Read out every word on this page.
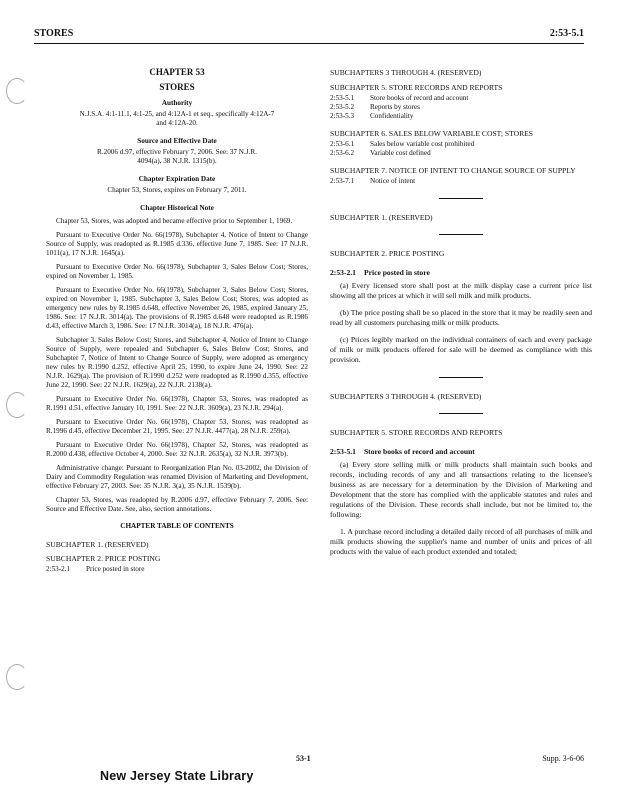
STORES	2:53-5.1
CHAPTER 53
STORES
Authority
N.J.S.A. 4:1-11.1, 4:1-25, and 4:12A-1 et seq., specifically 4:12A-7 and 4:12A-20.
Source and Effective Date
R.2006 d.97, effective February 7, 2006. See: 37 N.J.R. 4094(a), 38 N.J.R. 1315(b).
Chapter Expiration Date
Chapter 53, Stores, expires on February 7, 2011.
Chapter Historical Note

Chapter 53, Stores, was adopted and became effective prior to September 1, 1969.

Pursuant to Executive Order No. 66(1978), Subchapter 4, Notice of Intent to Change Source of Supply, was readopted as R.1985 d.336, effective June 7, 1985. See: 17 N.J.R. 1011(a), 17 N.J.R. 1645(a).

Pursuant to Executive Order No. 66(1978), Subchapter 3, Sales Below Cost; Stores, expired on November 1, 1985.

Pursuant to Executive Order No. 66(1978), Subchapter 3, Sales Below Cost; Stores, expired on November 1, 1985. Subchapter 3, Sales Below Cost; Stores, was adopted as emergency new rules by R.1985 d.648, effective November 26, 1985, expired January 25, 1986. See: 17 N.J.R. 3014(a). The provisions of R.1985 d.648 were readopted as R.1986 d.43, effective March 3, 1986. See: 17 N.J.R. 3014(a), 18 N.J.R. 476(a).

Subchapter 3, Sales Below Cost; Stores, and Subchapter 4, Notice of Intent to Change Source of Supply, were repealed and Subchapter 6, Sales Below Cost; Stores, and Subchapter 7, Notice of Intent to Change Source of Supply, were adopted as emergency new rules by R.1990 d.252, effective April 25, 1990, to expire June 24, 1990. See: 22 N.J.R. 1629(a). The provision of R.1990 d.252 were readopted as R.1990 d.355, effective June 22, 1990. See: 22 N.J.R. 1629(a), 22 N.J.R. 2138(a).

Pursuant to Executive Order No. 66(1978), Chapter 53, Stores, was readopted as R.1991 d.51, effective January 10, 1991. See: 22 N.J.R. 3609(a), 23 N.J.R. 294(a).

Pursuant to Executive Order No. 66(1978), Chapter 53, Stores, was readopted as R.1996 d.45, effective December 21, 1995. See: 27 N.J.R. 4477(a), 28 N.J.R. 259(a).

Pursuant to Executive Order No. 66(1978), Chapter 52, Stores, was readopted as R.2000 d.438, effective October 4, 2000. See: 32 N.J.R. 2635(a), 32 N.J.R. 3973(b).

Administrative change: Pursuant to Reorganization Plan No. 03-2002, the Division of Dairy and Commodity Regulation was renamed Division of Marketing and Development, effective February 27, 2003. See: 35 N.J.R. 3(a), 35 N.J.R. 1539(b).

Chapter 53, Stores, was readopted by R.2006 d.97, effective February 7, 2006. See: Source and Effective Date. See, also, section annotations.

CHAPTER TABLE OF CONTENTS
SUBCHAPTER 1. (RESERVED)
SUBCHAPTER 2. PRICE POSTING
2:53-2.1	Price posted in store
SUBCHAPTERS 3 THROUGH 4. (RESERVED)
SUBCHAPTER 5. STORE RECORDS AND REPORTS
2:53-5.1	Store books of record and account
2:53-5.2	Reports by stores
2:53-5.3	Confidentiality
SUBCHAPTER 6. SALES BELOW VARIABLE COST; STORES
2:53-6.1	Sales below variable cost prohibited
2:53-6.2	Variable cost defined
SUBCHAPTER 7. NOTICE OF INTENT TO CHANGE SOURCE OF SUPPLY
2:53-7.1	Notice of intent
SUBCHAPTER 1. (RESERVED)
SUBCHAPTER 2. PRICE POSTING
2:53-2.1 Price posted in store

(a) Every licensed store shall post at the milk display case a current price list showing all the prices at which it will sell milk and milk products.

(b) The price posting shall be so placed in the store that it may be readily seen and read by all customers purchasing milk or milk products.

(c) Prices legibly marked on the individual containers of each and every package of milk or milk products offered for sale will be deemed as compliance with this provision.

SUBCHAPTERS 3 THROUGH 4. (RESERVED)
SUBCHAPTER 5. STORE RECORDS AND REPORTS
2:53-5.1 Store books of record and account

(a) Every store selling milk or milk products shall maintain such books and records, including records of any and all transactions relating to the licensee's business as are necessary for a determination by the Division of Marketing and Development that the store has complied with the applicable statutes and rules and regulations of the Division. These records shall include, but not be limited to, the following:

1. A purchase record including a detailed daily record of all purchases of milk and milk products showing the supplier's name and number of units and prices of all products with the value of each product extended and totaled;

53-1	Supp. 3-6-06
New Jersey State Library
